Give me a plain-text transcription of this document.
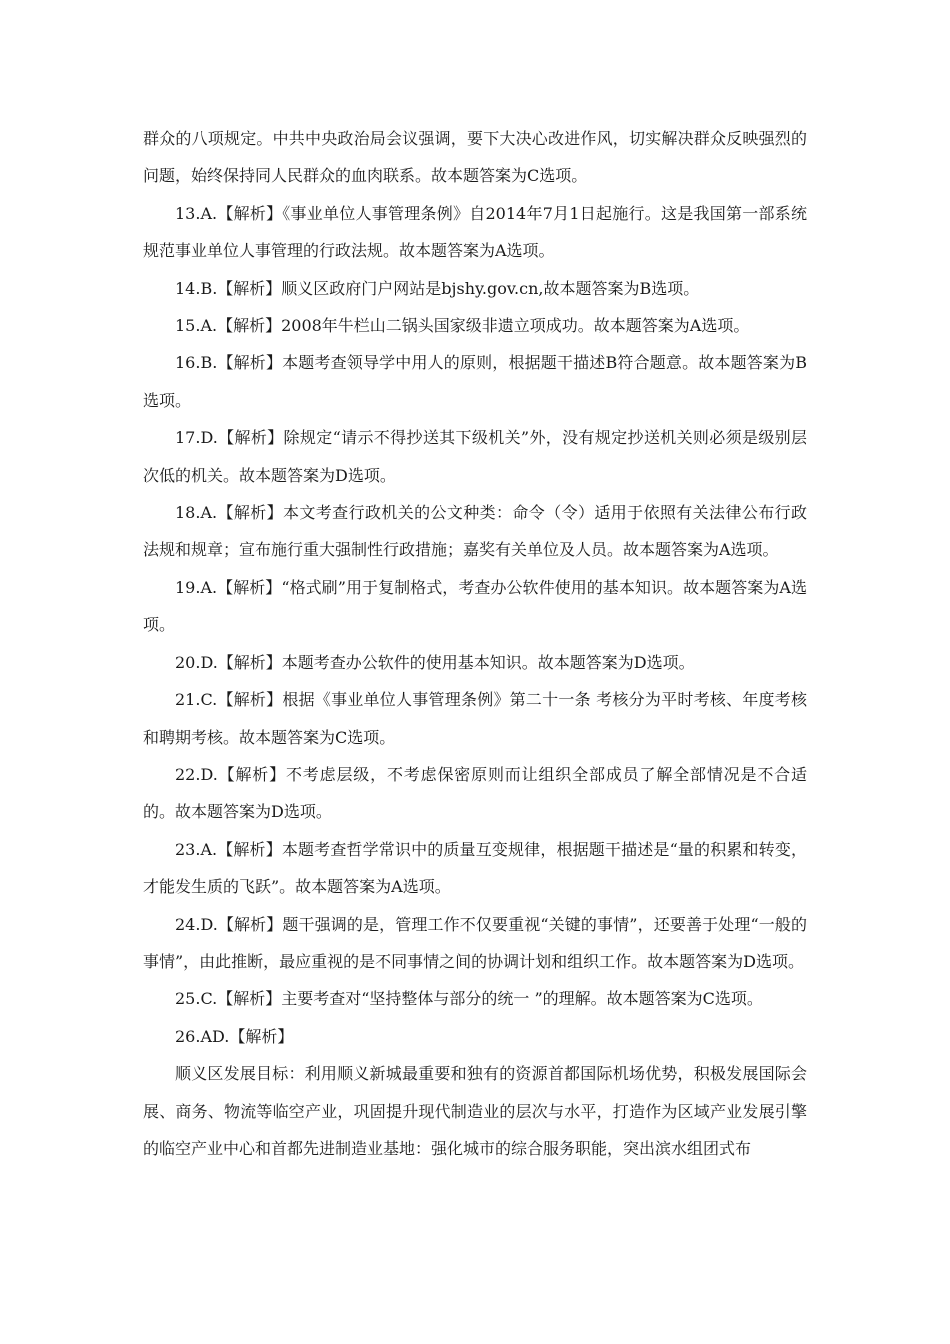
群众的八项规定。中共中央政治局会议强调，要下大决心改进作风，切实解决群众反映强烈的问题，始终保持同人民群众的血肉联系。故本题答案为C选项。

13.A.【解析】《事业单位人事管理条例》自2014年7月1日起施行。这是我国第一部系统规范事业单位人事管理的行政法规。故本题答案为A选项。

14.B.【解析】顺义区政府门户网站是bjshy.gov.cn,故本题答案为B选项。

15.A.【解析】2008年牛栏山二锅头国家级非遗立项成功。故本题答案为A选项。

16.B.【解析】本题考查领导学中用人的原则，根据题干描述B符合题意。故本题答案为B选项。

17.D.【解析】除规定“请示不得抄送其下级机关”外，没有规定抄送机关则必须是级别层次低的机关。故本题答案为D选项。

18.A.【解析】本文考查行政机关的公文种类：命令（令）适用于依照有关法律公布行政法规和规章；宣布施行重大强制性行政措施；嘉奖有关单位及人员。故本题答案为A选项。

19.A.【解析】“格式刷”用于复制格式，考查办公软件使用的基本知识。故本题答案为A选项。

20.D.【解析】本题考查办公软件的使用基本知识。故本题答案为D选项。

21.C.【解析】根据《事业单位人事管理条例》第二十一条 考核分为平时考核、年度考核和聘期考核。故本题答案为C选项。

22.D.【解析】不考虑层级，不考虑保密原则而让组织全部成员了解全部情况是不合适的。故本题答案为D选项。

23.A.【解析】本题考查哲学常识中的质量互变规律，根据题干描述是“量的积累和转变，才能发生质的飞跃”。故本题答案为A选项。

24.D.【解析】题干强调的是，管理工作不仅要重视“关键的事情”，还要善于处理“一般的事情”，由此推断，最应重视的是不同事情之间的协调计划和组织工作。故本题答案为D选项。

25.C.【解析】主要考查对“坚持整体与部分的统一 ”的理解。故本题答案为C选项。

26.AD.【解析】

顺义区发展目标：利用顺义新城最重要和独有的资源首都国际机场优势，积极发展国际会展、商务、物流等临空产业，巩固提升现代制造业的层次与水平，打造作为区域产业发展引擎的临空产业中心和首都先进制造业基地：强化城市的综合服务职能，突出滨水组团式布
